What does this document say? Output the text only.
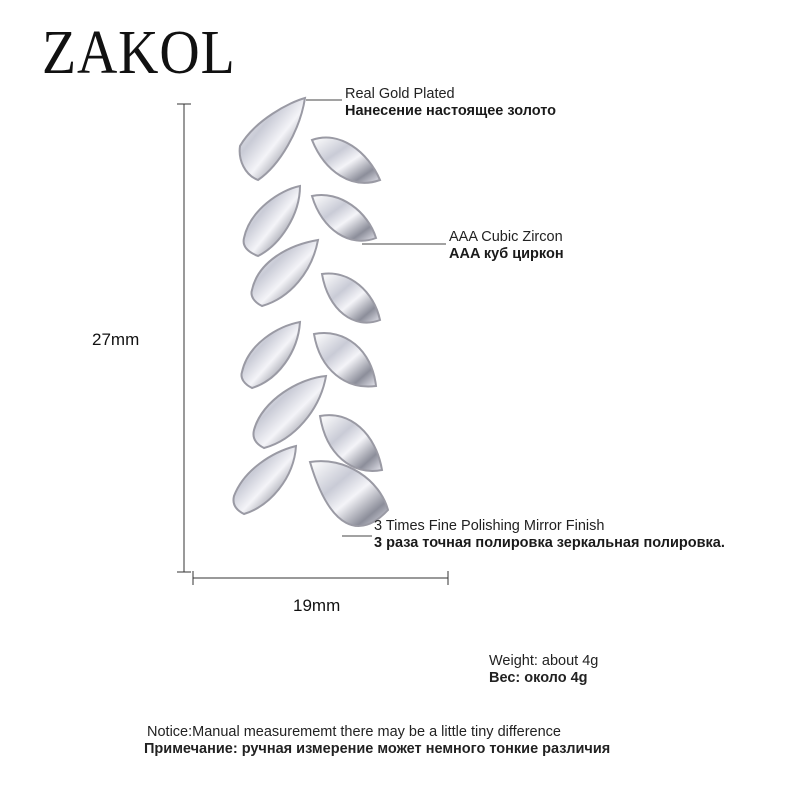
ZAKOL
Real Gold Plated
Нанесение настоящее золото
AAA Cubic Zircon
AAA куб циркон
3 Times Fine Polishing Mirror Finish
3 раза точная полировка зеркальная полировка.
27mm
19mm
Weight: about 4g
Вес: около 4g
Notice:Manual measurememt there may be a little tiny difference
Примечание: ручная измерение может немного тонкие различия
